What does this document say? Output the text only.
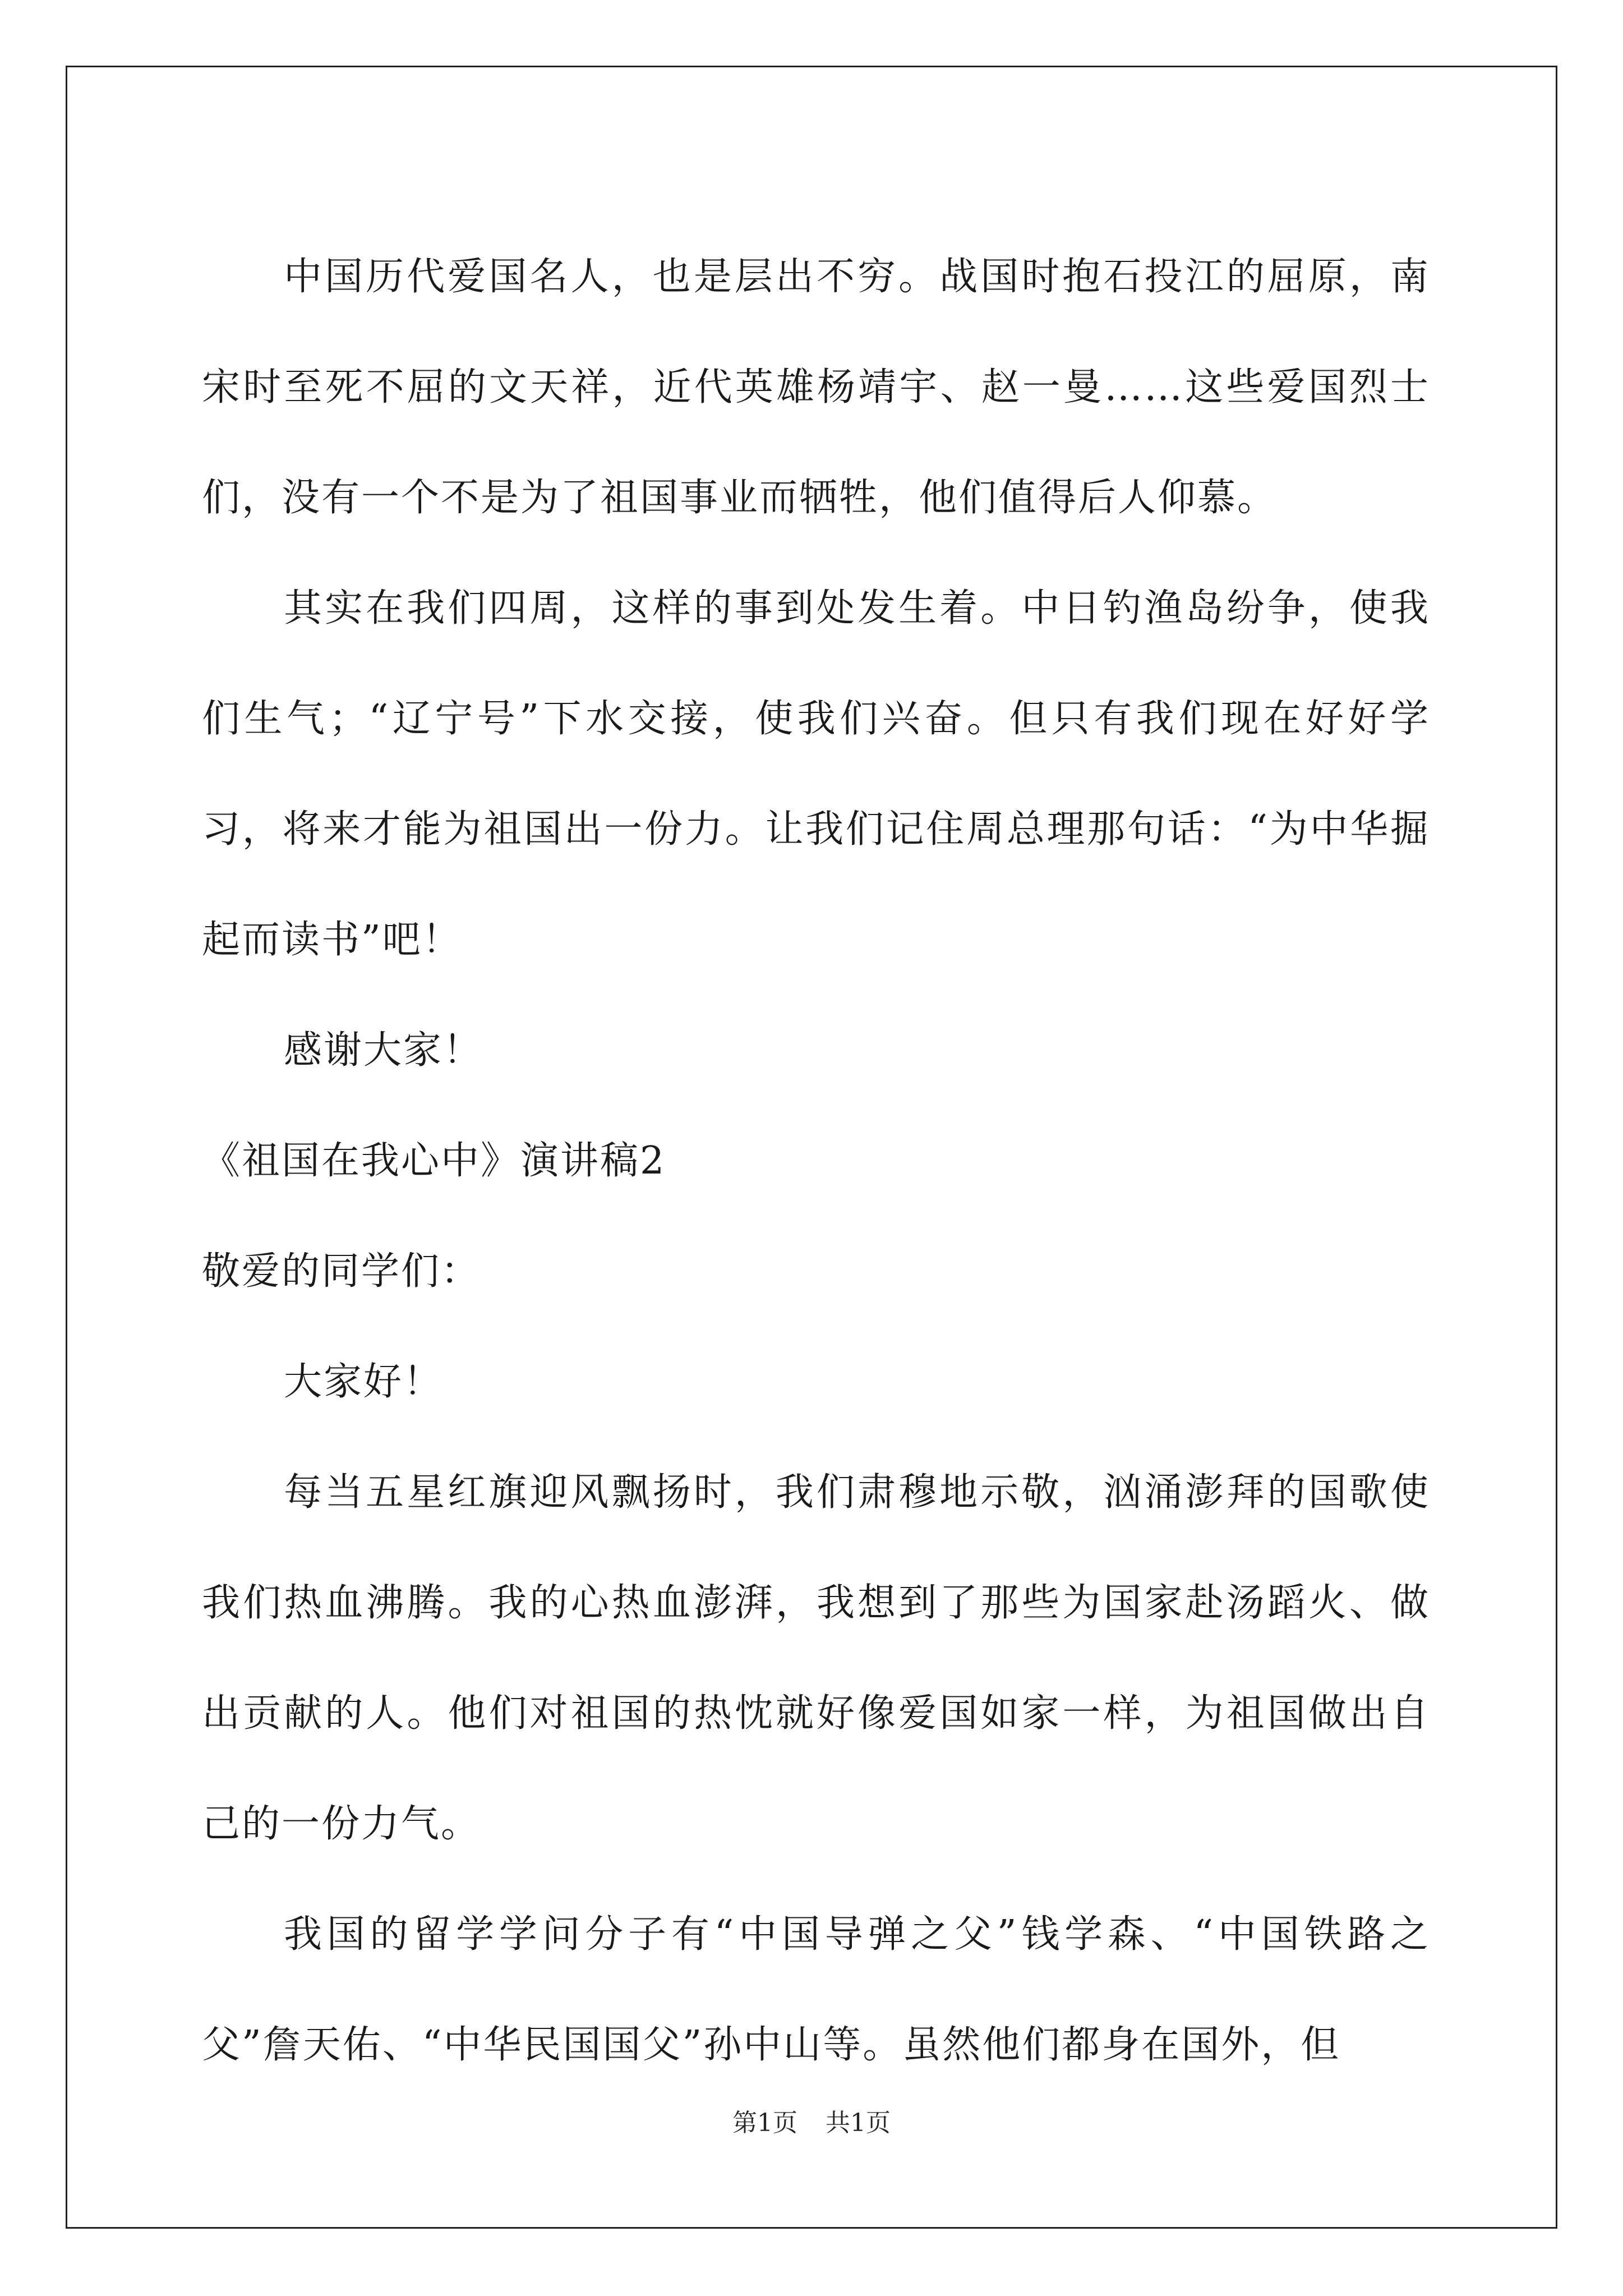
中国历代爱国名人，也是层出不穷。战国时抱石投江的屈原，南宋时至死不屈的文天祥，近代英雄杨靖宇、赵一曼……这些爱国烈士们，没有一个不是为了祖国事业而牺牲，他们值得后人仰慕。

其实在我们四周，这样的事到处发生着。中日钓渔岛纷争，使我们生气；“辽宁号”下水交接，使我们兴奋。但只有我们现在好好学习，将来才能为祖国出一份力。让我们记住周总理那句话：“为中华掘起而读书”吧！

感谢大家！

《祖国在我心中》演讲稿2

敬爱的同学们：

大家好！

每当五星红旗迎风飘扬时，我们肃穆地示敬，汹涌澎拜的国歌使我们热血沸腾。我的心热血澎湃，我想到了那些为国家赴汤蹈火、做出贡献的人。他们对祖国的热忱就好像爱国如家一样，为祖国做出自己的一份力气。

我国的留学学问分子有“中国导弹之父”钱学森、“中国铁路之父”詹天佑、“中华民国国父”孙中山等。虽然他们都身在国外，但

第1页 共1页
